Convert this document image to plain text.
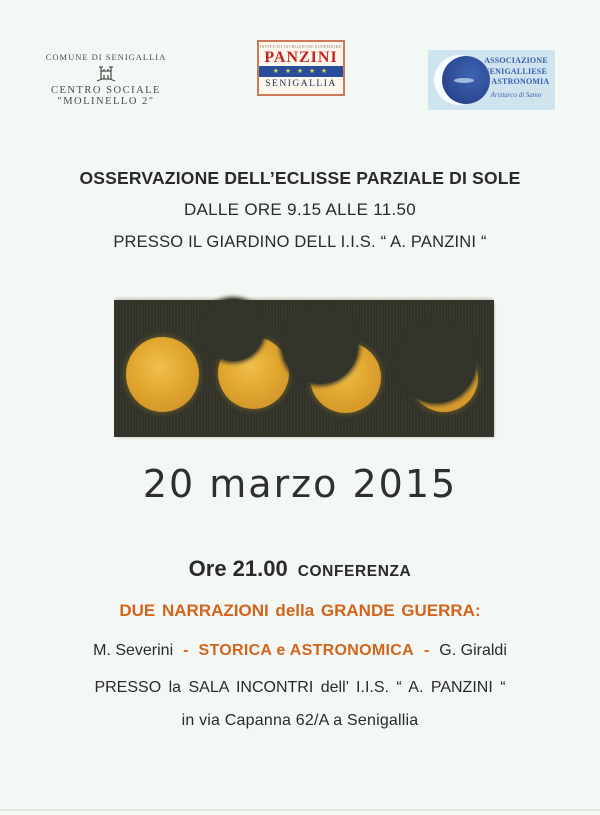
COMUNE DI SENIGALLIA
CENTRO SOCIALE
"MOLINELLO 2"
ISTITUTO ISTRUZIONE SUPERIORE
PANZINI
★ ★ ★ ★ ★
SENIGALLIA
ASSOCIAZIONE
SENIGALLIESE
di ASTRONOMIA
Aristarco di Samo
OSSERVAZIONE DELL’ECLISSE PARZIALE DI SOLE
DALLE ORE 9.15 ALLE 11.50
PRESSO IL GIARDINO DELL I.I.S. “ A. PANZINI “
20 marzo 2015
Ore 21.00 CONFERENZA
DUE NARRAZIONI della GRANDE GUERRA:
M. Severini - STORICA e ASTRONOMICA - G. Giraldi
PRESSO la SALA INCONTRI dell’ I.I.S. “ A. PANZINI “
in via Capanna 62/A a Senigallia
